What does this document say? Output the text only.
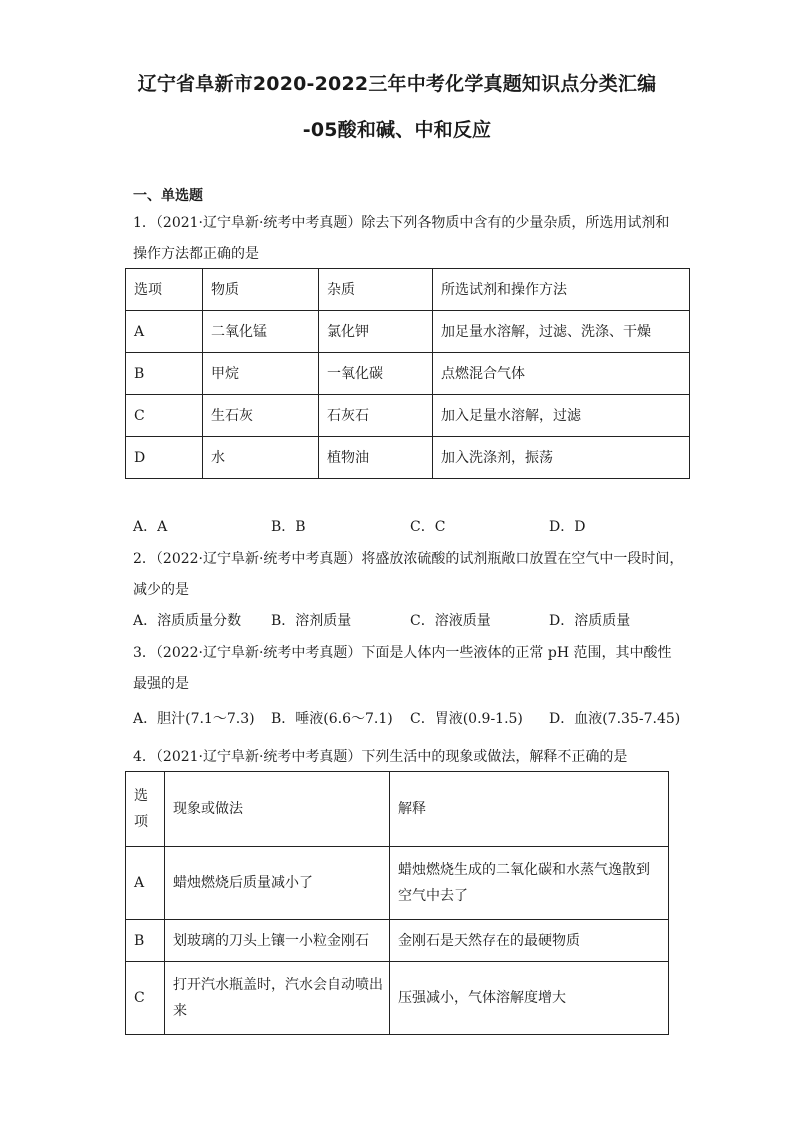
辽宁省阜新市2020-2022三年中考化学真题知识点分类汇编
-05酸和碱、中和反应
一、单选题
1．（2021·辽宁阜新·统考中考真题）除去下列各物质中含有的少量杂质，所选用试剂和
操作方法都正确的是
选项	物质	杂质	所选试剂和操作方法
A	二氧化锰	氯化钾	加足量水溶解，过滤、洗涤、干燥
B	甲烷	一氧化碳	点燃混合气体
C	生石灰	石灰石	加入足量水溶解，过滤
D	水	植物油	加入洗涤剂，振荡
A．A	B．B	C．C	D．D
2．（2022·辽宁阜新·统考中考真题）将盛放浓硫酸的试剂瓶敞口放置在空气中一段时间，
减少的是
A．溶质质量分数 B．溶剂质量	C．溶液质量	D．溶质质量
3．（2022·辽宁阜新·统考中考真题）下面是人体内一些液体的正常 pH 范围，其中酸性
最强的是
A．胆汁(7.1～7.3) B．唾液(6.6～7.1) C．胃液(0.9-1.5) D．血液(7.35-7.45)
4．（2021·辽宁阜新·统考中考真题）下列生活中的现象或做法，解释不正确的是
选
项	现象或做法	解释
A	蜡烛燃烧后质量减小了	蜡烛燃烧生成的二氧化碳和水蒸气逸散到
空气中去了

B	划玻璃的刀头上镶一小粒金刚石	金刚石是天然存在的最硬物质
C	打开汽水瓶盖时，汽水会自动喷出
来	压强减小，气体溶解度增大
